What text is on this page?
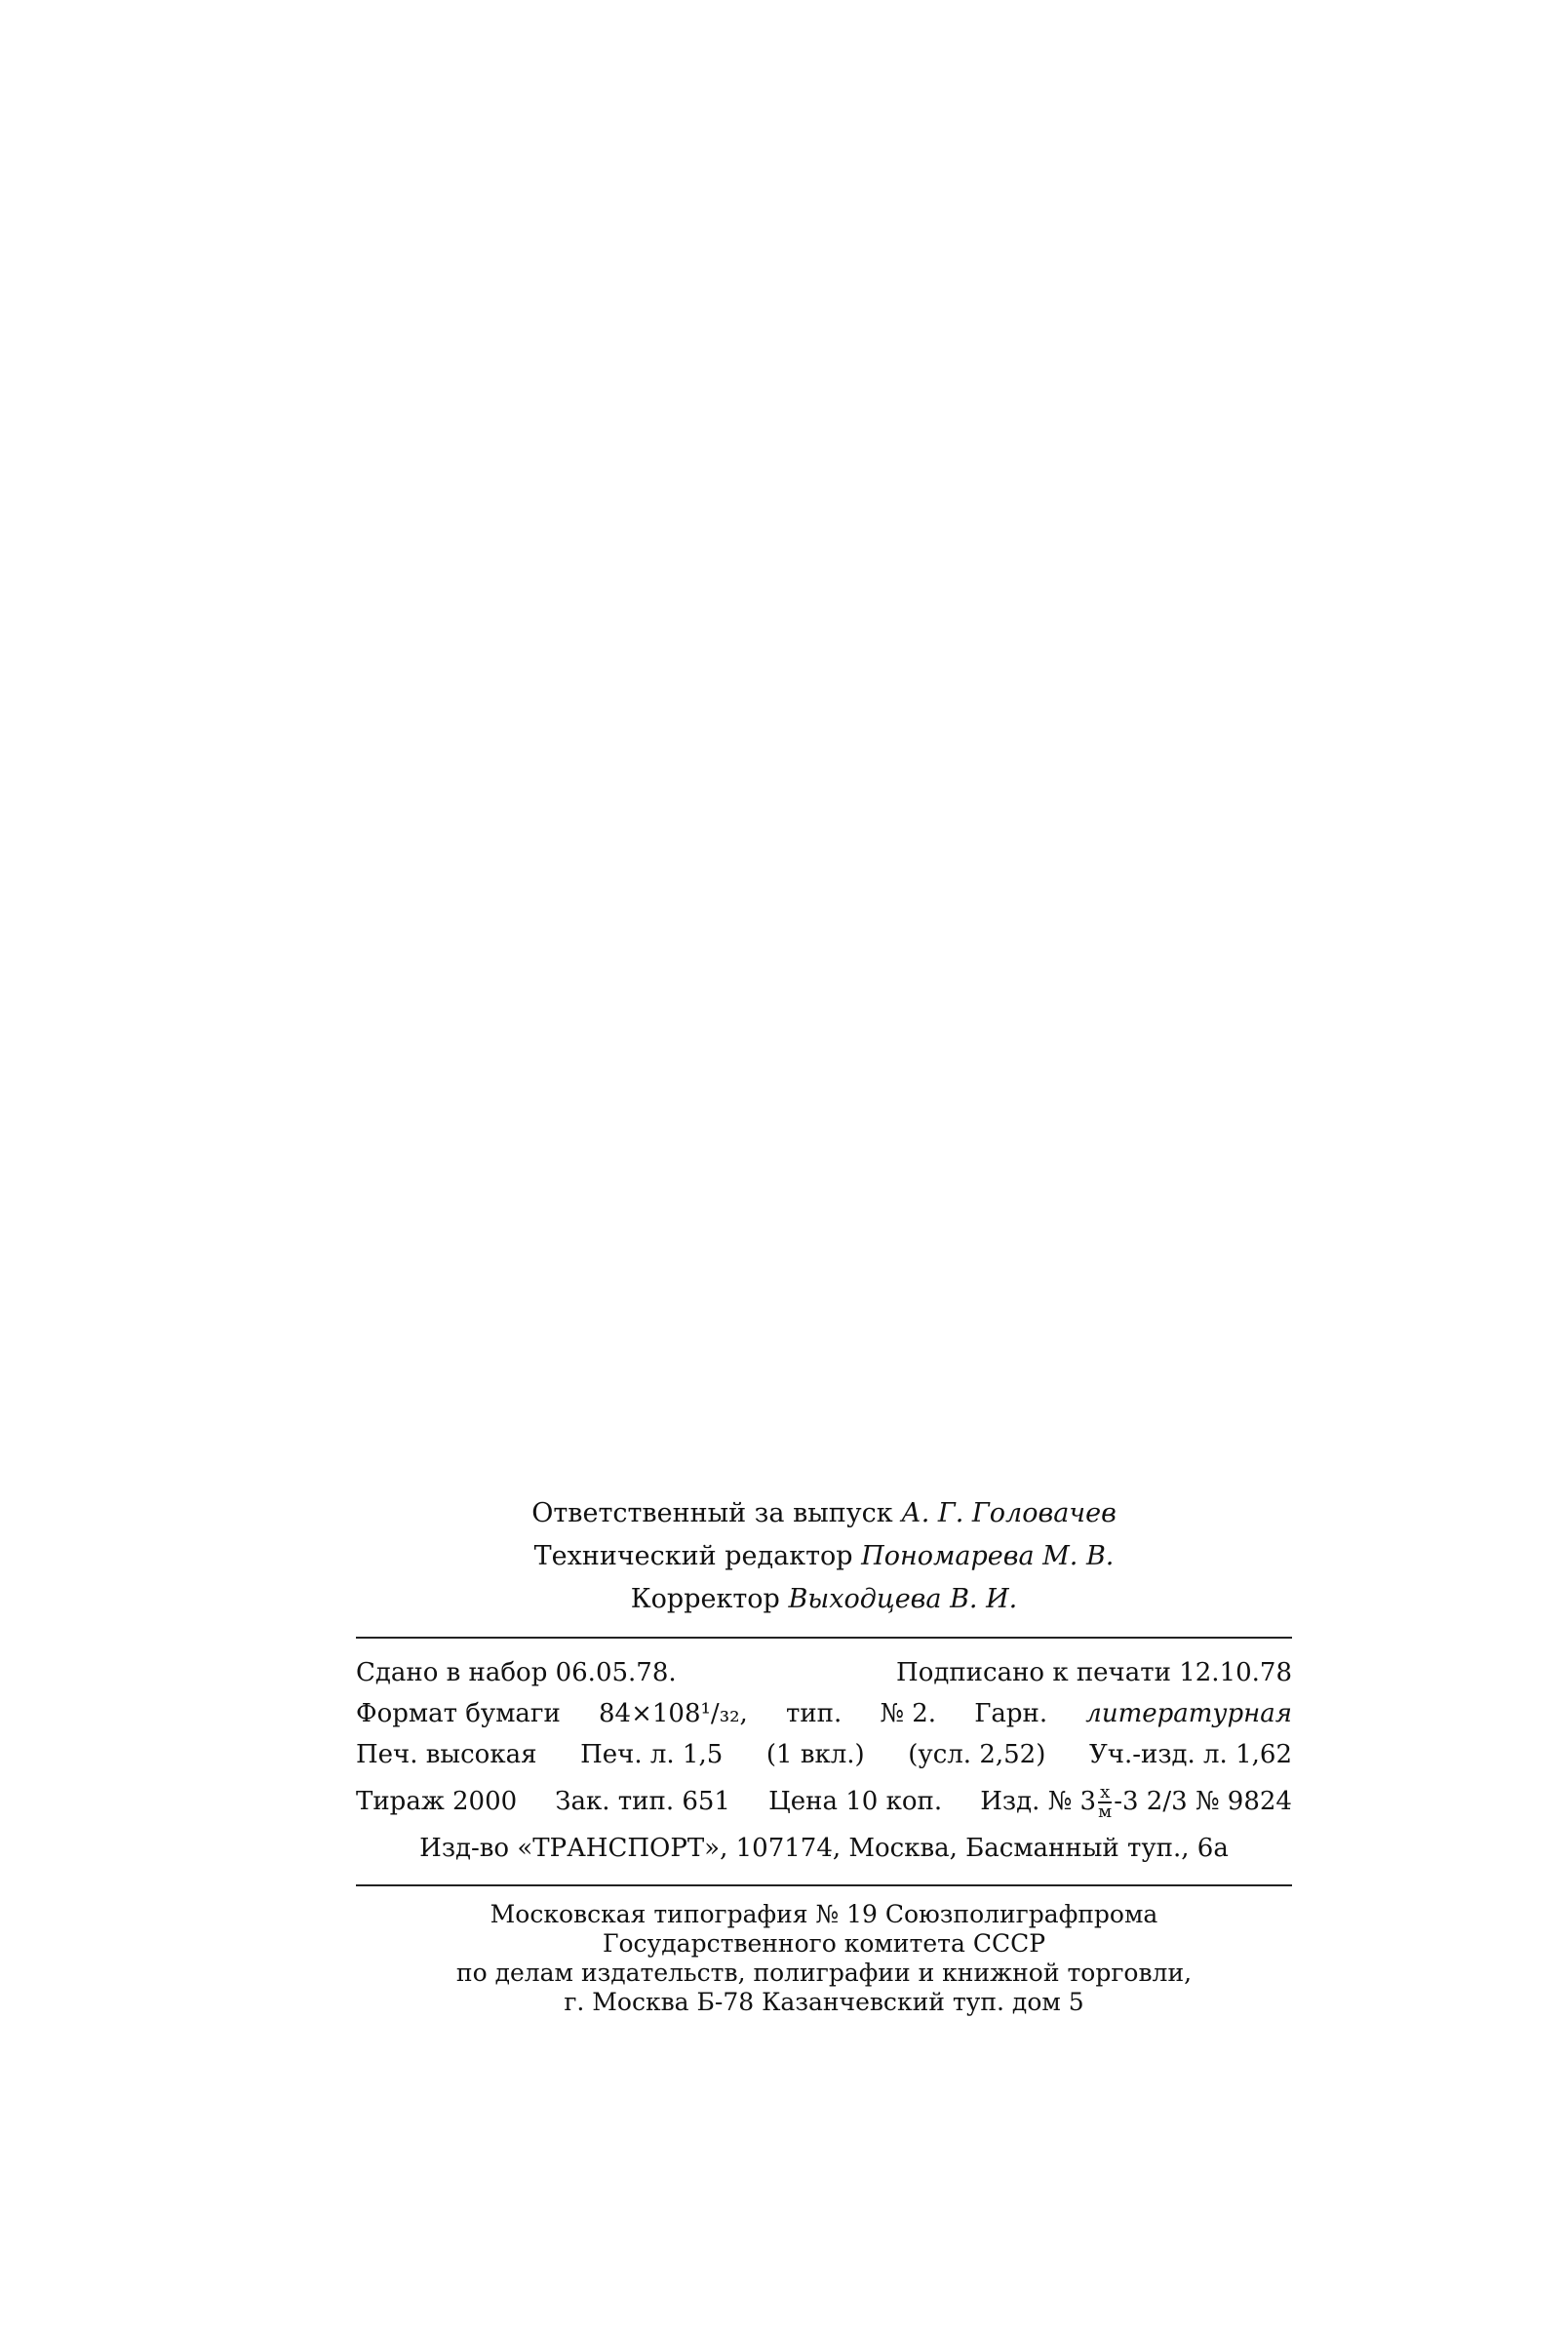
Ответственный за выпуск А. Г. Головачев
Технический редактор Пономарева М. В.
Корректор Выходцева В. И.
Сдано в набор 06.05.78.	Подписано к печати 12.10.78
Формат бумаги 84×108¹/₃₂, тип. № 2. Гарн. литературная
Печ. высокая Печ. л. 1,5 (1 вкл.) (усл. 2,52) Уч.-изд. л. 1,62
Тираж 2000 Зак. тип. 651 Цена 10 коп. Изд. № $3 \frac{х}{м} -3$ 2/3 № 9824
Изд-во «ТРАНСПОРТ», 107174, Москва, Басманный туп., 6а
Московская типография № 19 Союзполиграфпрома
Государственного комитета СССР
по делам издательств, полиграфии и книжной торговли,
г. Москва Б-78 Казанчевский туп. дом 5
